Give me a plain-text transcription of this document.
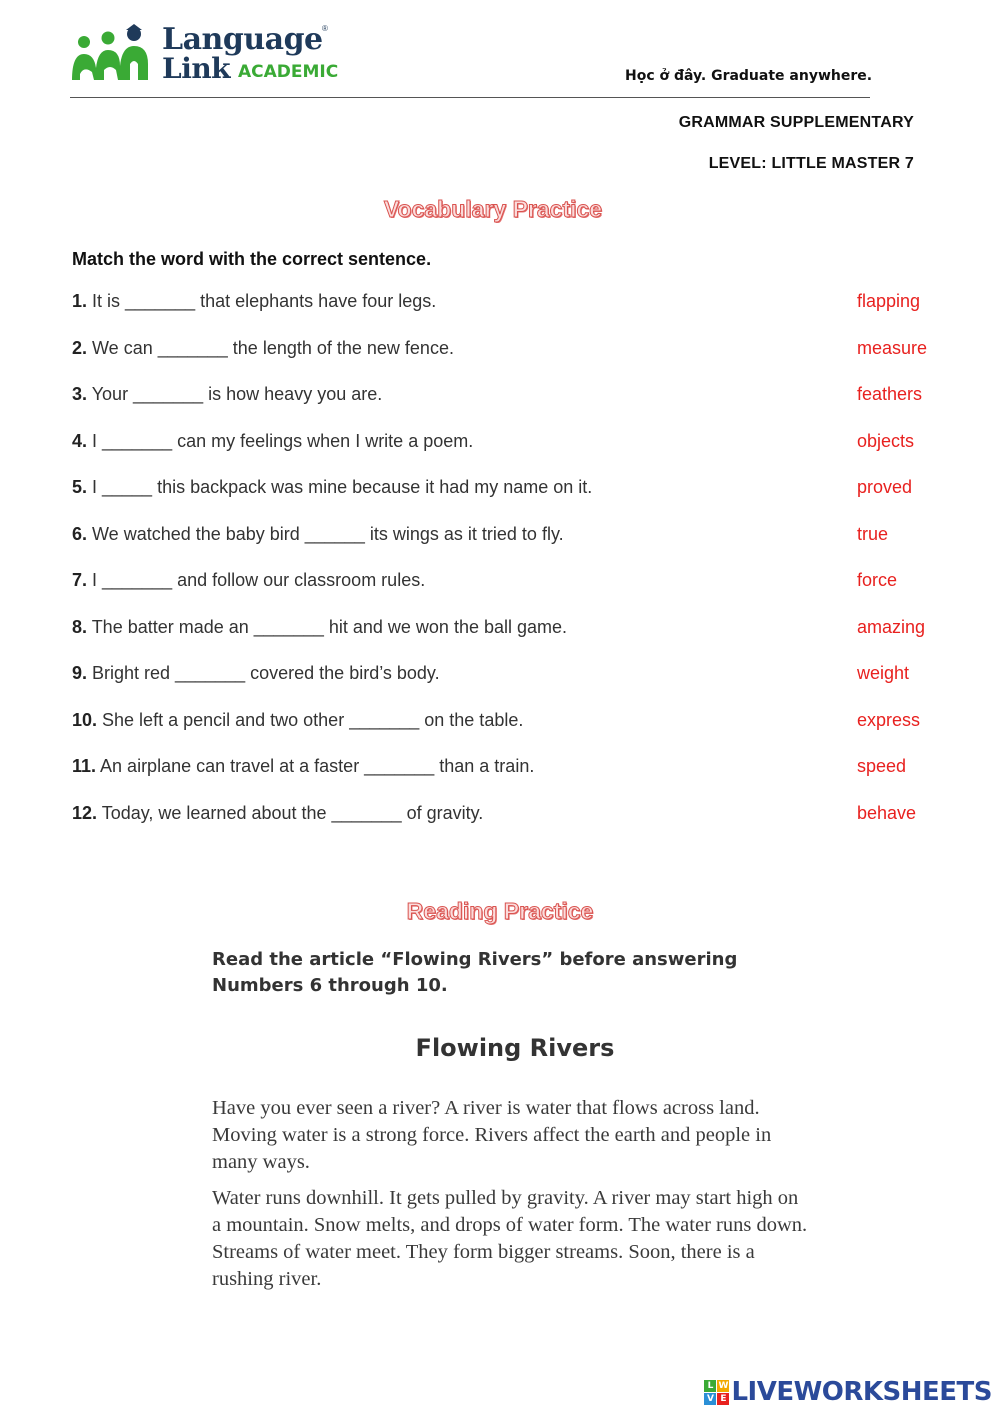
Language ®
Link ACADEMIC	Học ở đây. Graduate anywhere.
GRAMMAR SUPPLEMENTARY
LEVEL: LITTLE MASTER 7
Vocabulary Practice
Match the word with the correct sentence.
1. It is _______ that elephants have four legs.
2. We can _______ the length of the new fence.
3. Your _______ is how heavy you are.
4. I _______ can my feelings when I write a poem.
5. I _____ this backpack was mine because it had my name on it.
6. We watched the baby bird ______ its wings as it tried to fly.
7. I _______ and follow our classroom rules.
8. The batter made an _______ hit and we won the ball game.
9. Bright red _______ covered the bird’s body.
10. She left a pencil and two other _______ on the table.
11. An airplane can travel at a faster _______ than a train.
12. Today, we learned about the _______ of gravity.
flapping
measure
feathers
objects
proved
true
force
amazing
weight
express
speed
behave
Reading Practice
Read the article “Flowing Rivers” before answering
Numbers 6 through 10.
Flowing Rivers
Have you ever seen a river? A river is water that flows across land. Moving water is a strong force. Rivers affect the earth and people in many ways.
Water runs downhill. It gets pulled by gravity. A river may start high on a mountain. Snow melts, and drops of water form. The water runs down. Streams of water meet. They form bigger streams. Soon, there is a rushing river.
L W
V E LIVEWORKSHEETS
